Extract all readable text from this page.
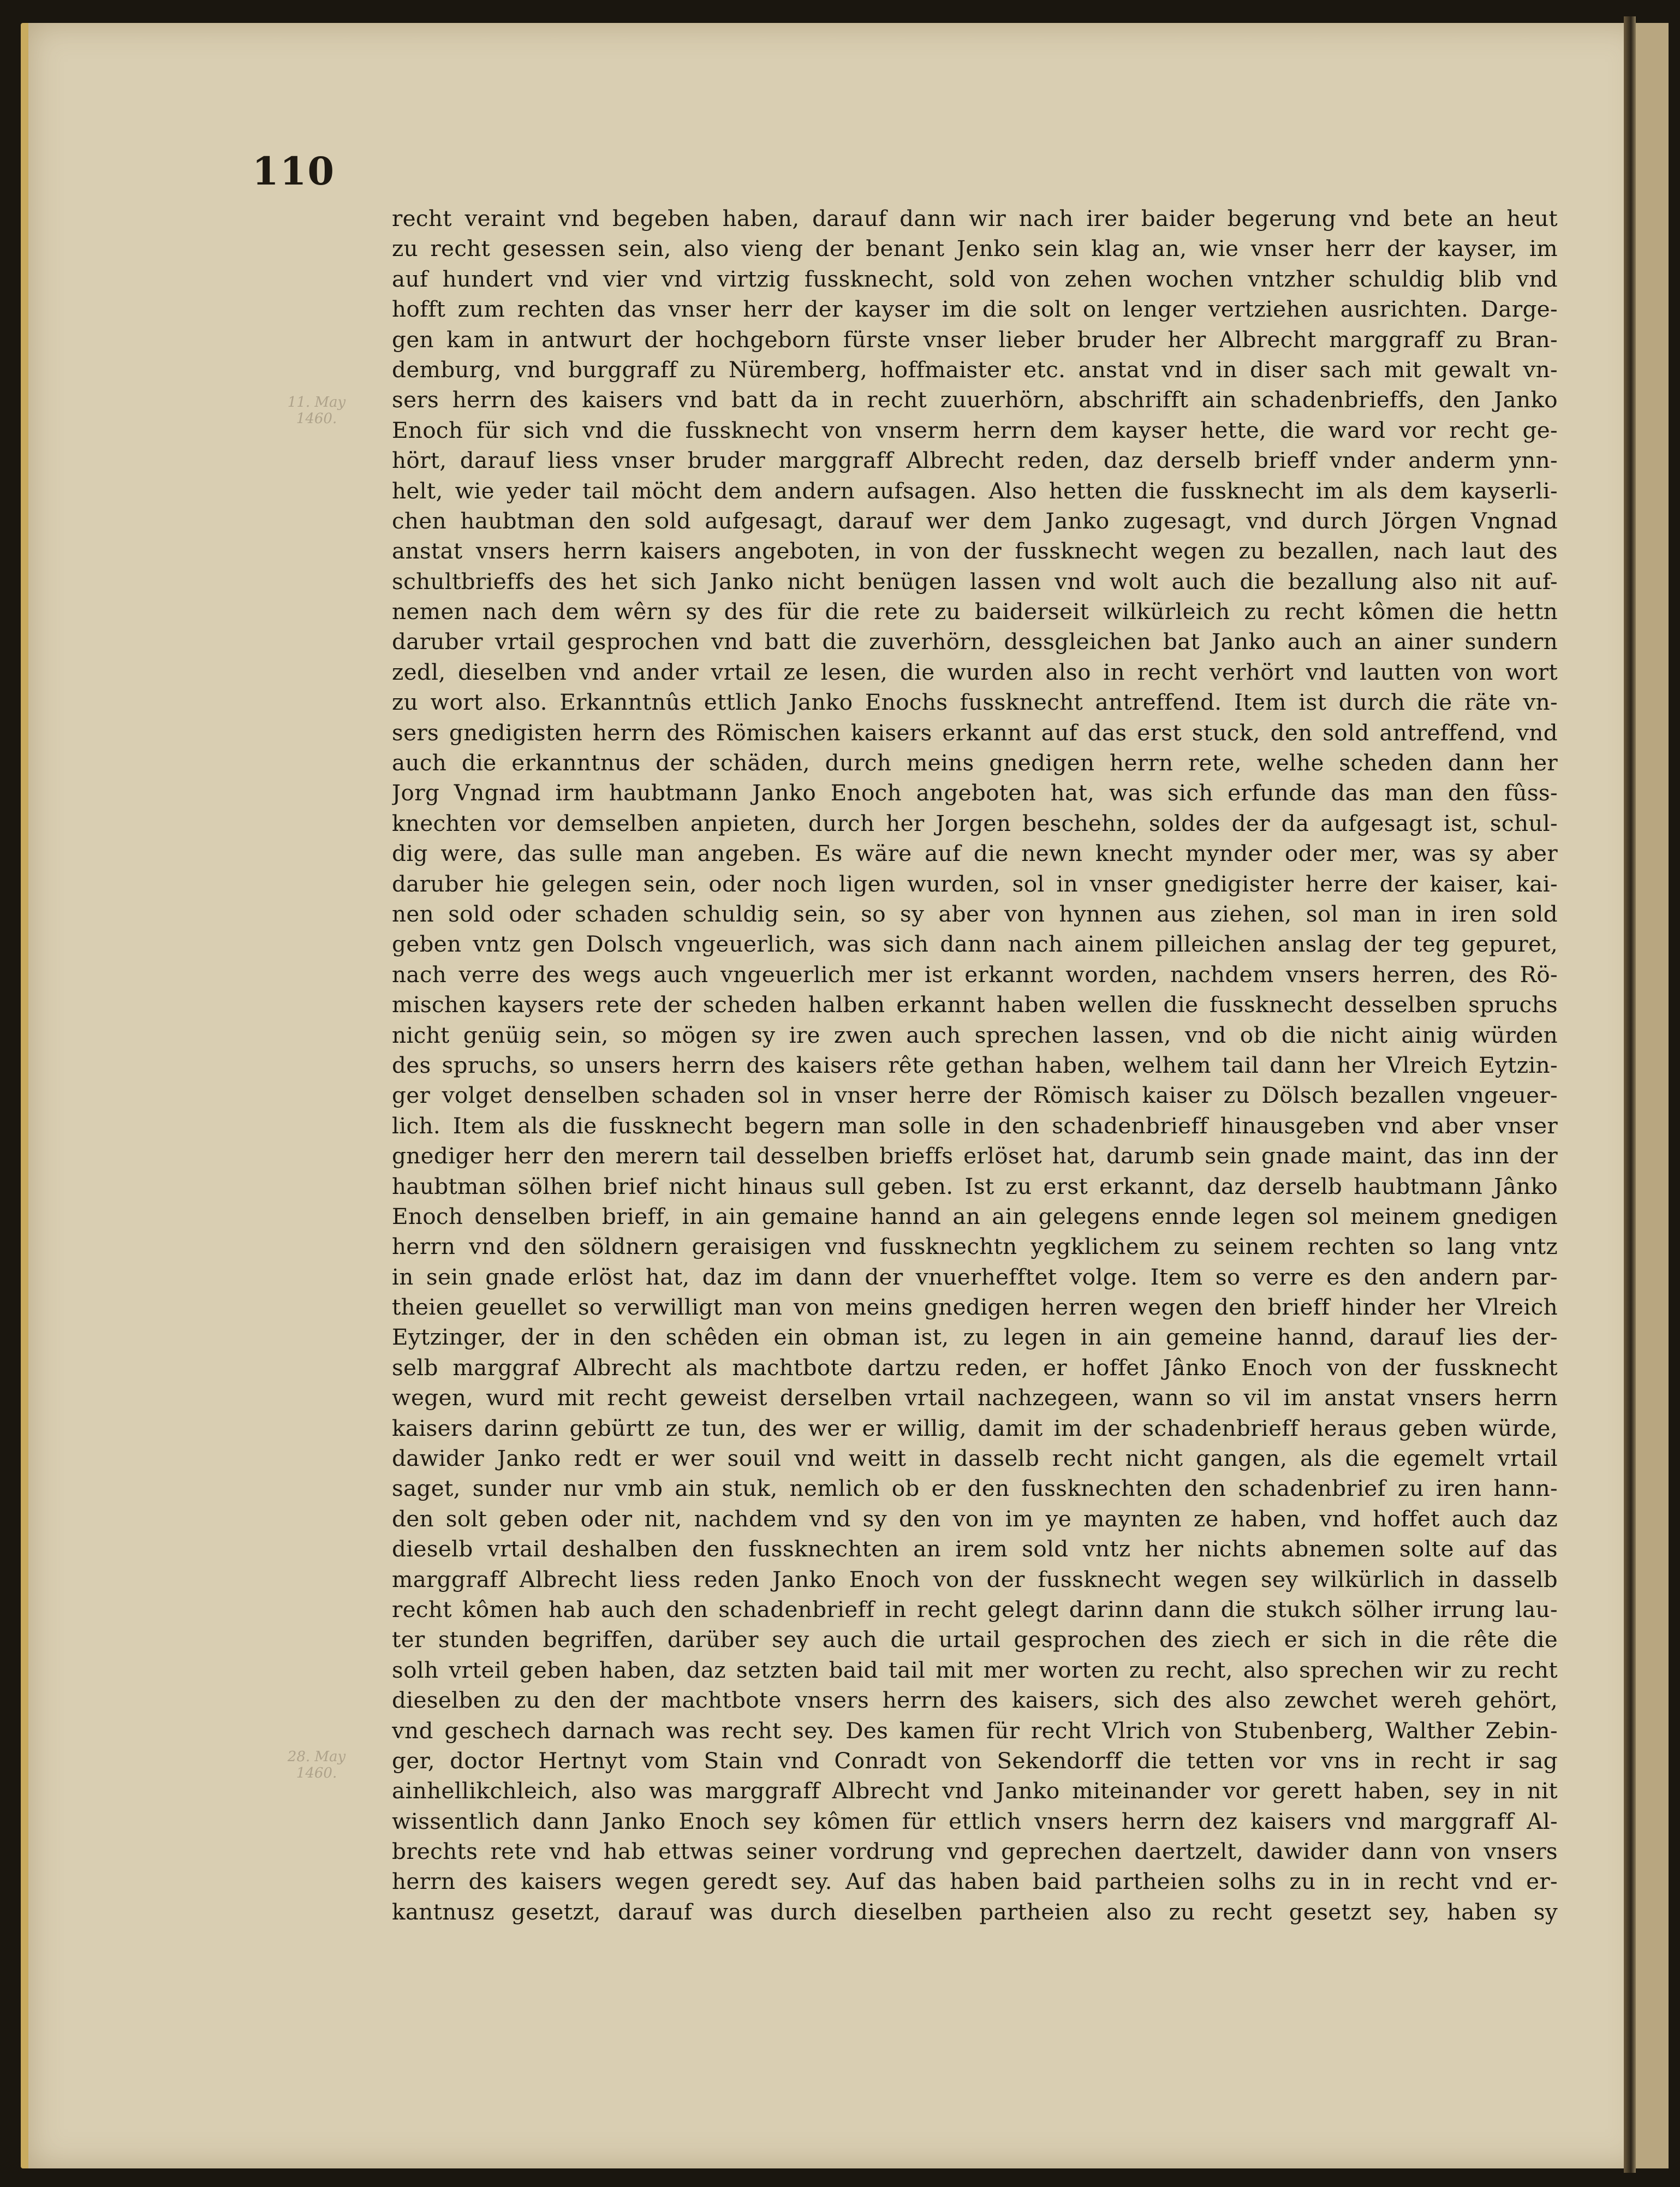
110
11. May 1460.
28. May 1460.
recht veraint vnd begeben haben, darauf dann wir nach irer baider begerung vnd bete an heut
zu recht gesessen sein, also vieng der benant Jenko sein klag an, wie vnser herr der kayser, im
auf hundert vnd vier vnd virtzig fussknecht, sold von zehen wochen vntzher schuldig blib vnd
hofft zum rechten das vnser herr der kayser im die solt on lenger vertziehen ausrichten. Darge-
gen kam in antwurt der hochgeborn fürste vnser lieber bruder her Albrecht marggraff zu Bran-
demburg, vnd burggraff zu Nüremberg, hoffmaister etc. anstat vnd in diser sach mit gewalt vn-
sers herrn des kaisers vnd batt da in recht zuuerhörn, abschrifft ain schadenbrieffs, den Janko
Enoch für sich vnd die fussknecht von vnserm herrn dem kayser hette, die ward vor recht ge-
hört, darauf liess vnser bruder marggraff Albrecht reden, daz derselb brieff vnder anderm ynn-
helt, wie yeder tail möcht dem andern aufsagen. Also hetten die fussknecht im als dem kayserli-
chen haubtman den sold aufgesagt, darauf wer dem Janko zugesagt, vnd durch Jörgen Vngnad
anstat vnsers herrn kaisers angeboten, in von der fussknecht wegen zu bezallen, nach laut des
schultbrieffs des het sich Janko nicht benügen lassen vnd wolt auch die bezallung also nit auf-
nemen nach dem wêrn sy des für die rete zu baiderseit wilkürleich zu recht kômen die hettn
daruber vrtail gesprochen vnd batt die zuverhörn, dessgleichen bat Janko auch an ainer sundern
zedl, dieselben vnd ander vrtail ze lesen, die wurden also in recht verhört vnd lautten von wort
zu wort also. Erkanntnûs ettlich Janko Enochs fussknecht antreffend. Item ist durch die räte vn-
sers gnedigisten herrn des Römischen kaisers erkannt auf das erst stuck, den sold antreffend, vnd
auch die erkanntnus der schäden, durch meins gnedigen herrn rete, welhe scheden dann her
Jorg Vngnad irm haubtmann Janko Enoch angeboten hat, was sich erfunde das man den fûss-
knechten vor demselben anpieten, durch her Jorgen beschehn, soldes der da aufgesagt ist, schul-
dig were, das sulle man angeben. Es wäre auf die newn knecht mynder oder mer, was sy aber
daruber hie gelegen sein, oder noch ligen wurden, sol in vnser gnedigister herre der kaiser, kai-
nen sold oder schaden schuldig sein, so sy aber von hynnen aus ziehen, sol man in iren sold
geben vntz gen Dolsch vngeuerlich, was sich dann nach ainem pilleichen anslag der teg gepuret,
nach verre des wegs auch vngeuerlich mer ist erkannt worden, nachdem vnsers herren, des Rö-
mischen kaysers rete der scheden halben erkannt haben wellen die fussknecht desselben spruchs
nicht genüig sein, so mögen sy ire zwen auch sprechen lassen, vnd ob die nicht ainig würden
des spruchs, so unsers herrn des kaisers rête gethan haben, welhem tail dann her Vlreich Eytzin-
ger volget denselben schaden sol in vnser herre der Römisch kaiser zu Dölsch bezallen vngeuer-
lich. Item als die fussknecht begern man solle in den schadenbrieff hinausgeben vnd aber vnser
gnediger herr den merern tail desselben brieffs erlöset hat, darumb sein gnade maint, das inn der
haubtman sölhen brief nicht hinaus sull geben. Ist zu erst erkannt, daz derselb haubtmann Jânko
Enoch denselben brieff, in ain gemaine hannd an ain gelegens ennde legen sol meinem gnedigen
herrn vnd den söldnern geraisigen vnd fussknechtn yegklichem zu seinem rechten so lang vntz
in sein gnade erlöst hat, daz im dann der vnuerhefftet volge. Item so verre es den andern par-
theien geuellet so verwilligt man von meins gnedigen herren wegen den brieff hinder her Vlreich
Eytzinger, der in den schêden ein obman ist, zu legen in ain gemeine hannd, darauf lies der-
selb marggraf Albrecht als machtbote dartzu reden, er hoffet Jânko Enoch von der fussknecht
wegen, wurd mit recht geweist derselben vrtail nachzegeen, wann so vil im anstat vnsers herrn
kaisers darinn gebürtt ze tun, des wer er willig, damit im der schadenbrieff heraus geben würde,
dawider Janko redt er wer souil vnd weitt in dasselb recht nicht gangen, als die egemelt vrtail
saget, sunder nur vmb ain stuk, nemlich ob er den fussknechten den schadenbrief zu iren hann-
den solt geben oder nit, nachdem vnd sy den von im ye maynten ze haben, vnd hoffet auch daz
dieselb vrtail deshalben den fussknechten an irem sold vntz her nichts abnemen solte auf das
marggraff Albrecht liess reden Janko Enoch von der fussknecht wegen sey wilkürlich in dasselb
recht kômen hab auch den schadenbrieff in recht gelegt darinn dann die stukch sölher irrung lau-
ter stunden begriffen, darüber sey auch die urtail gesprochen des ziech er sich in die rête die
solh vrteil geben haben, daz setzten baid tail mit mer worten zu recht, also sprechen wir zu recht
dieselben zu den der machtbote vnsers herrn des kaisers, sich des also zewchet wereh gehört,
vnd geschech darnach was recht sey. Des kamen für recht Vlrich von Stubenberg, Walther Zebin-
ger, doctor Hertnyt vom Stain vnd Conradt von Sekendorff die tetten vor vns in recht ir sag
ainhellikchleich, also was marggraff Albrecht vnd Janko miteinander vor gerett haben, sey in nit
wissentlich dann Janko Enoch sey kômen für ettlich vnsers herrn dez kaisers vnd marggraff Al-
brechts rete vnd hab ettwas seiner vordrung vnd geprechen daertzelt, dawider dann von vnsers
herrn des kaisers wegen geredt sey. Auf das haben baid partheien solhs zu in in recht vnd er-
kantnusz gesetzt, darauf was durch dieselben partheien also zu recht gesetzt sey, haben sy
